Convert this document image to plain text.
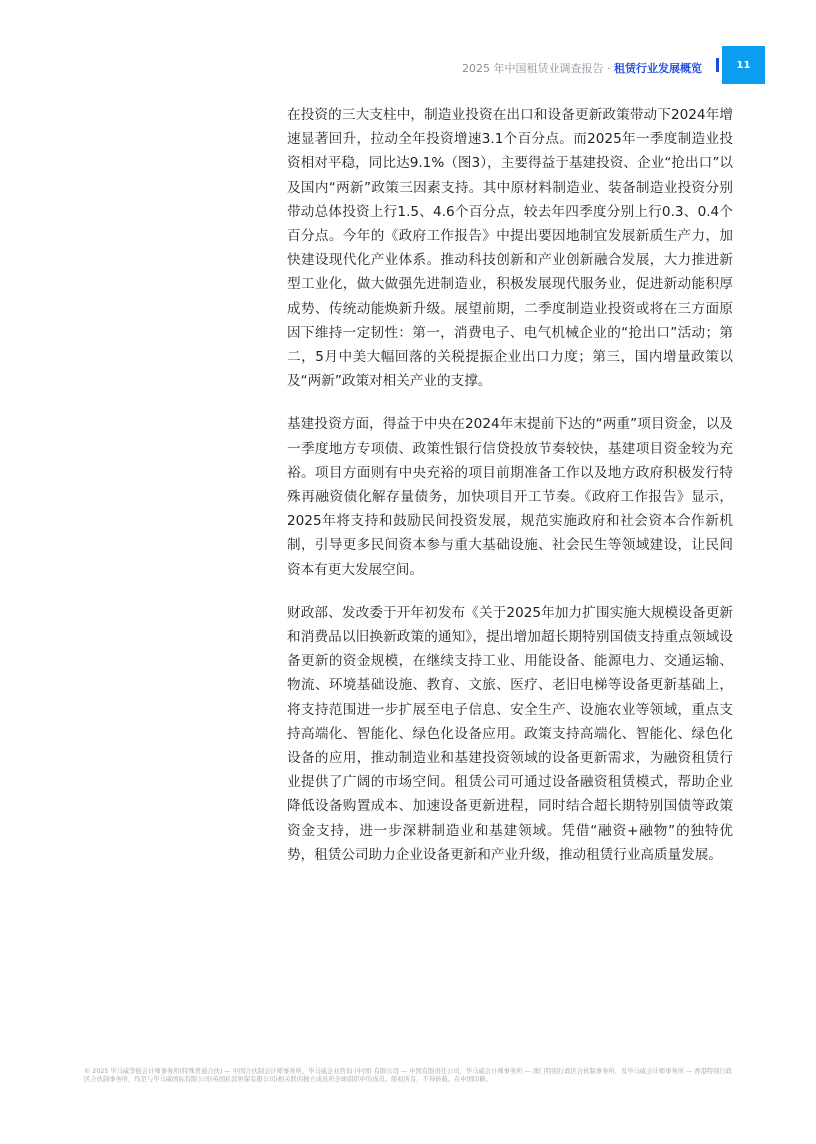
2025 年中国租赁业调查报告 · 租赁行业发展概览	11

在投资的三大支柱中，制造业投资在出口和设备更新政策带动下2024年增速显著回升，拉动全年投资增速3.1个百分点。而2025年一季度制造业投资相对平稳，同比达9.1%（图3），主要得益于基建投资、企业“抢出口”以及国内“两新”政策三因素支持。其中原材料制造业、装备制造业投资分别带动总体投资上行1.5、4.6个百分点，较去年四季度分别上行0.3、0.4个百分点。今年的《政府工作报告》中提出要因地制宜发展新质生产力，加快建设现代化产业体系。推动科技创新和产业创新融合发展，大力推进新型工业化，做大做强先进制造业，积极发展现代服务业，促进新动能积厚成势、传统动能焕新升级。展望前期，二季度制造业投资或将在三方面原因下维持一定韧性：第一，消费电子、电气机械企业的“抢出口”活动；第二，5月中美大幅回落的关税提振企业出口力度；第三，国内增量政策以及“两新”政策对相关产业的支撑。

基建投资方面，得益于中央在2024年末提前下达的“两重”项目资金，以及一季度地方专项债、政策性银行信贷投放节奏较快，基建项目资金较为充裕。项目方面则有中央充裕的项目前期准备工作以及地方政府积极发行特殊再融资债化解存量债务，加快项目开工节奏。《政府工作报告》显示，2025年将支持和鼓励民间投资发展，规范实施政府和社会资本合作新机制，引导更多民间资本参与重大基础设施、社会民生等领域建设，让民间资本有更大发展空间。

财政部、发改委于开年初发布《关于2025年加力扩围实施大规模设备更新和消费品以旧换新政策的通知》，提出增加超长期特别国债支持重点领域设备更新的资金规模，在继续支持工业、用能设备、能源电力、交通运输、物流、环境基础设施、教育、文旅、医疗、老旧电梯等设备更新基础上，将支持范围进一步扩展至电子信息、安全生产、设施农业等领域，重点支持高端化、智能化、绿色化设备应用。政策支持高端化、智能化、绿色化设备的应用，推动制造业和基建投资领域的设备更新需求，为融资租赁行业提供了广阔的市场空间。租赁公司可通过设备融资租赁模式，帮助企业降低设备购置成本、加速设备更新进程，同时结合超长期特别国债等政策资金支持，进一步深耕制造业和基建领域。凭借“融资+融物”的独特优势，租赁公司助力企业设备更新和产业升级，推动租赁行业高质量发展。

© 2025 毕马威华振会计师事务所(特殊普通合伙) — 中国合伙制会计师事务所，毕马威企业咨询 (中国) 有限公司 — 中国有限责任公司，毕马威会计师事务所 — 澳门特别行政区合伙制事务所，及毕马威会计师事务所 — 香港特别行政区合伙制事务所，均是与毕马威国际有限公司(英国私营担保有限公司)相关联的独立成员所全球组织中的成员。版权所有，不得转载。在中国印刷。
